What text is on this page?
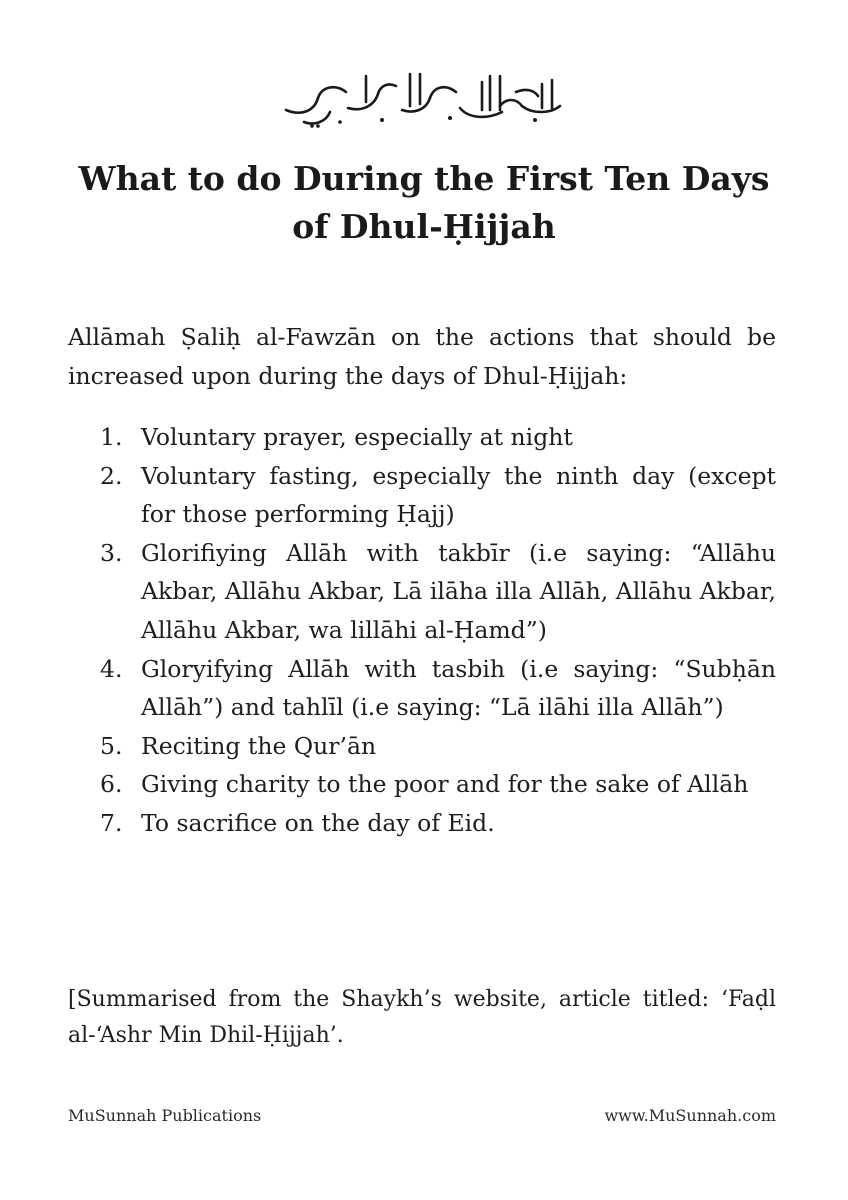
What to do During the First Ten Days
of Dhul-Ḥijjah

Allāmah Ṣaliḥ al-Fawzān on the actions that should be increased upon during the days of Dhul-Ḥijjah:

1. Voluntary prayer, especially at night
2. Voluntary fasting, especially the ninth day (except for those performing Ḥajj)
3. Glorifiying Allāh with takbīr (i.e saying: “Allāhu Akbar, Allāhu Akbar, Lā ilāha illa Allāh, Allāhu Akbar, Allāhu Akbar, wa lillāhi al-Ḥamd”)
4. Gloryifying Allāh with tasbih (i.e saying: “Subḥān Allāh”) and tahlīl (i.e saying: “Lā ilāhi illa Allāh”)
5. Reciting the Qur’ān
6. Giving charity to the poor and for the sake of Allāh
7. To sacrifice on the day of Eid.

[Summarised from the Shaykh’s website, article titled: ‘Faḍl al-‘Ashr Min Dhil-Ḥijjah’.

MuSunnah Publications	www.MuSunnah.com
